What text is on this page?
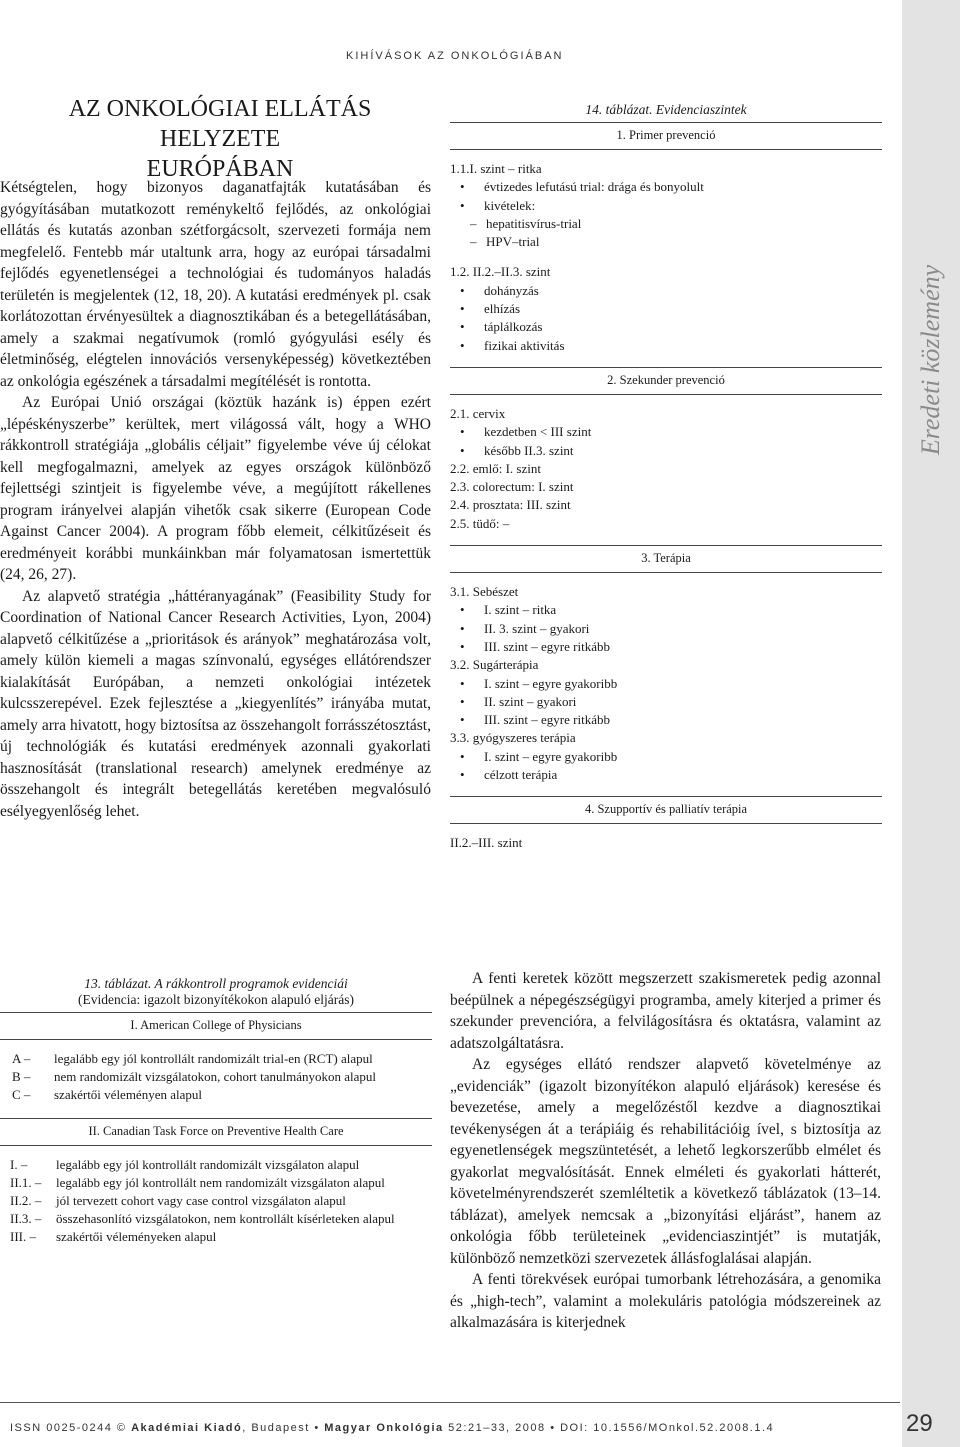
Eredeti közlemény
KIHÍVÁSOK AZ ONKOLÓGIÁBAN
AZ ONKOLÓGIAI ELLÁTÁS HELYZETE
EURÓPÁBAN

Kétségtelen, hogy bizonyos daganatfajták kutatásában és gyógyításában mutatkozott reménykeltő fejlődés, az onkológiai ellátás és kutatás azonban szétforgácsolt, szervezeti formája nem megfelelő. Fentebb már utaltunk arra, hogy az európai társadalmi fejlődés egyenetlenségei a technológiai és tudományos haladás területén is megjelentek (12, 18, 20). A kutatási eredmények pl. csak korlátozottan érvényesültek a diagnosztikában és a betegellátásában, amely a szakmai negatívumok (romló gyógyulási esély és életminőség, elégtelen innovációs versenyképesség) következtében az onkológia egészének a társadalmi megítélését is rontotta.

Az Európai Unió országai (köztük hazánk is) éppen ezért „lépéskényszerbe” kerültek, mert világossá vált, hogy a WHO rákkontroll stratégiája „globális céljait” figyelembe véve új célokat kell megfogalmazni, amelyek az egyes országok különböző fejlettségi szintjeit is figyelembe véve, a megújított rákellenes program irányelvei alapján vihetők csak sikerre (European Code Against Cancer 2004). A program főbb elemeit, célkitűzéseit és eredményeit korábbi munkáinkban már folyamatosan ismertettük (24, 26, 27).

Az alapvető stratégia „háttéranyagának” (Feasibility Study for Coordination of National Cancer Research Activities, Lyon, 2004) alapvető célkitűzése a „prioritások és arányok” meghatározása volt, amely külön kiemeli a magas színvonalú, egységes ellátórendszer kialakítását Európában, a nemzeti onkológiai intézetek kulcsszerepével. Ezek fejlesztése a „kiegyenlítés” irányába mutat, amely arra hivatott, hogy biztosítsa az összehangolt forrásszétosztást, új technológiák és kutatási eredmények azonnali gyakorlati hasznosítását (translational research) amelynek eredménye az összehangolt és integrált betegellátás keretében megvalósuló esélyegyenlőség lehet.

14. táblázat. Evidenciaszintek
1. Primer prevenció
1.1.I. szint – ritka
• évtizedes lefutású trial: drága és bonyolult
• kivételek:
– hepatitisvírus-trial
– HPV–trial
1.2. II.2.–II.3. szint
• dohányzás
• elhízás
• táplálkozás
• fizikai aktivitás
2. Szekunder prevenció
2.1. cervix
• kezdetben < III szint
• később II.3. szint
2.2. emlő: I. szint
2.3. colorectum: I. szint
2.4. prosztata: III. szint
2.5. tüdő: –
3. Terápia
3.1. Sebészet
• I. szint – ritka
• II. 3. szint – gyakori
• III. szint – egyre ritkább
3.2. Sugárterápia
• I. szint – egyre gyakoribb
• II. szint – gyakori
• III. szint – egyre ritkább
3.3. gyógyszeres terápia
• I. szint – egyre gyakoribb
• célzott terápia
4. Szupportív és palliatív terápia
II.2.–III. szint
13. táblázat. A rákkontroll programok evidenciái
(Evidencia: igazolt bizonyítékokon alapuló eljárás)
I. American College of Physicians
A –	legalább egy jól kontrollált randomizált trial-en (RCT) alapul
B –	nem randomizált vizsgálatokon, cohort tanulmányokon alapul
C –	szakértői véleményen alapul
II. Canadian Task Force on Preventive Health Care
I. –	legalább egy jól kontrollált randomizált vizsgálaton alapul
II.1. –	legalább egy jól kontrollált nem randomizált vizsgálaton alapul
II.2. –	jól tervezett cohort vagy case control vizsgálaton alapul
II.3. –	összehasonlító vizsgálatokon, nem kontrollált kísérleteken alapul
III. –	szakértői véleményeken alapul

A fenti keretek között megszerzett szakismeretek pedig azonnal beépülnek a népegészségügyi programba, amely kiterjed a primer és szekunder prevencióra, a felvilágosításra és oktatásra, valamint az adatszolgáltatásra.

Az egységes ellátó rendszer alapvető követelménye az „evidenciák” (igazolt bizonyítékon alapuló eljárások) keresése és bevezetése, amely a megelőzéstől kezdve a diagnosztikai tevékenységen át a terápiáig és rehabilitációig ível, s biztosítja az egyenetlenségek megszüntetését, a lehető legkorszerűbb elmélet és gyakorlat megvalósítását. Ennek elméleti és gyakorlati hátterét, követelményrendszerét szemléltetik a következő táblázatok (13–14. táblázat), amelyek nemcsak a „bizonyítási eljárást”, hanem az onkológia főbb területeinek „evidenciaszintjét” is mutatják, különböző nemzetközi szervezetek állásfoglalásai alapján.

A fenti törekvések európai tumorbank létrehozására, a genomika és „high-tech”, valamint a molekuláris patológia módszereinek az alkalmazására is kiterjednek

ISSN 0025-0244 © Akadémiai Kiadó, Budapest • Magyar Onkológia 52:21–33, 2008 • DOI: 10.1556/MOnkol.52.2008.1.4	29
